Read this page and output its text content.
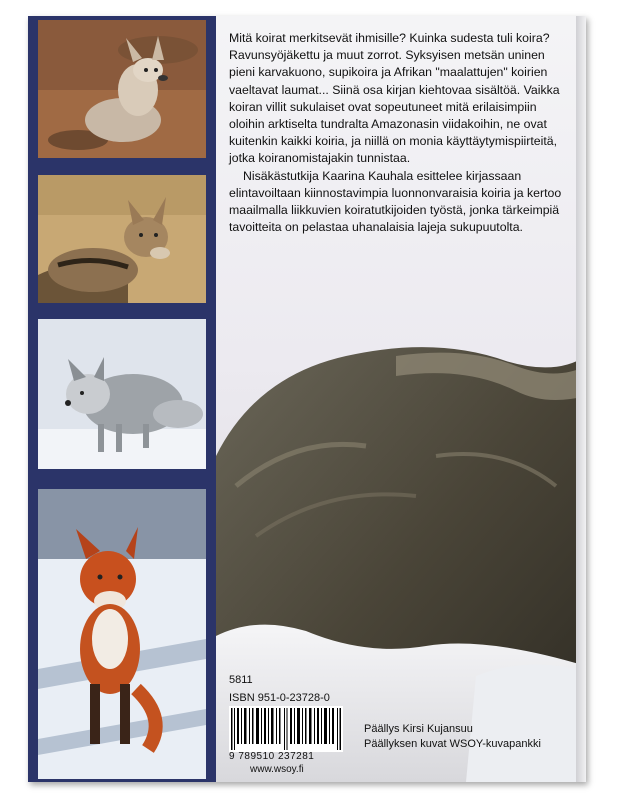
Mitä koirat merkitsevät ihmisille? Kuinka sudesta tuli koira? Ravunsyöjäkettu ja muut zorrot. Syksyisen metsän uninen pieni karvakuono, supikoira ja Afrikan "maalattujen" koirien vaeltavat laumat... Siinä osa kirjan kiehtovaa sisältöä. Vaikka koiran villit sukulaiset ovat sopeutuneet mitä erilaisimpiin oloihin arktiselta tundralta Amazonasin viidakoihin, ne ovat kuitenkin kaikki koiria, ja niillä on monia käyttäytymispiirteitä, jotka koiranomistajakin tunnistaa.

Nisäkästutkija Kaarina Kauhala esittelee kirjassaan elintavoiltaan kiinnostavimpia luonnonvaraisia koiria ja kertoo maailmalla liikkuvien koiratutkijoiden työstä, jonka tärkeimpiä tavoitteita on pelastaa uhanalaisia lajeja sukupuutolta.

5811
ISBN 951-0-23728-0
9 789510 237281
www.wsoy.fi
Päällys Kirsi Kujansuu
Päällyksen kuvat WSOY-kuvapankki
